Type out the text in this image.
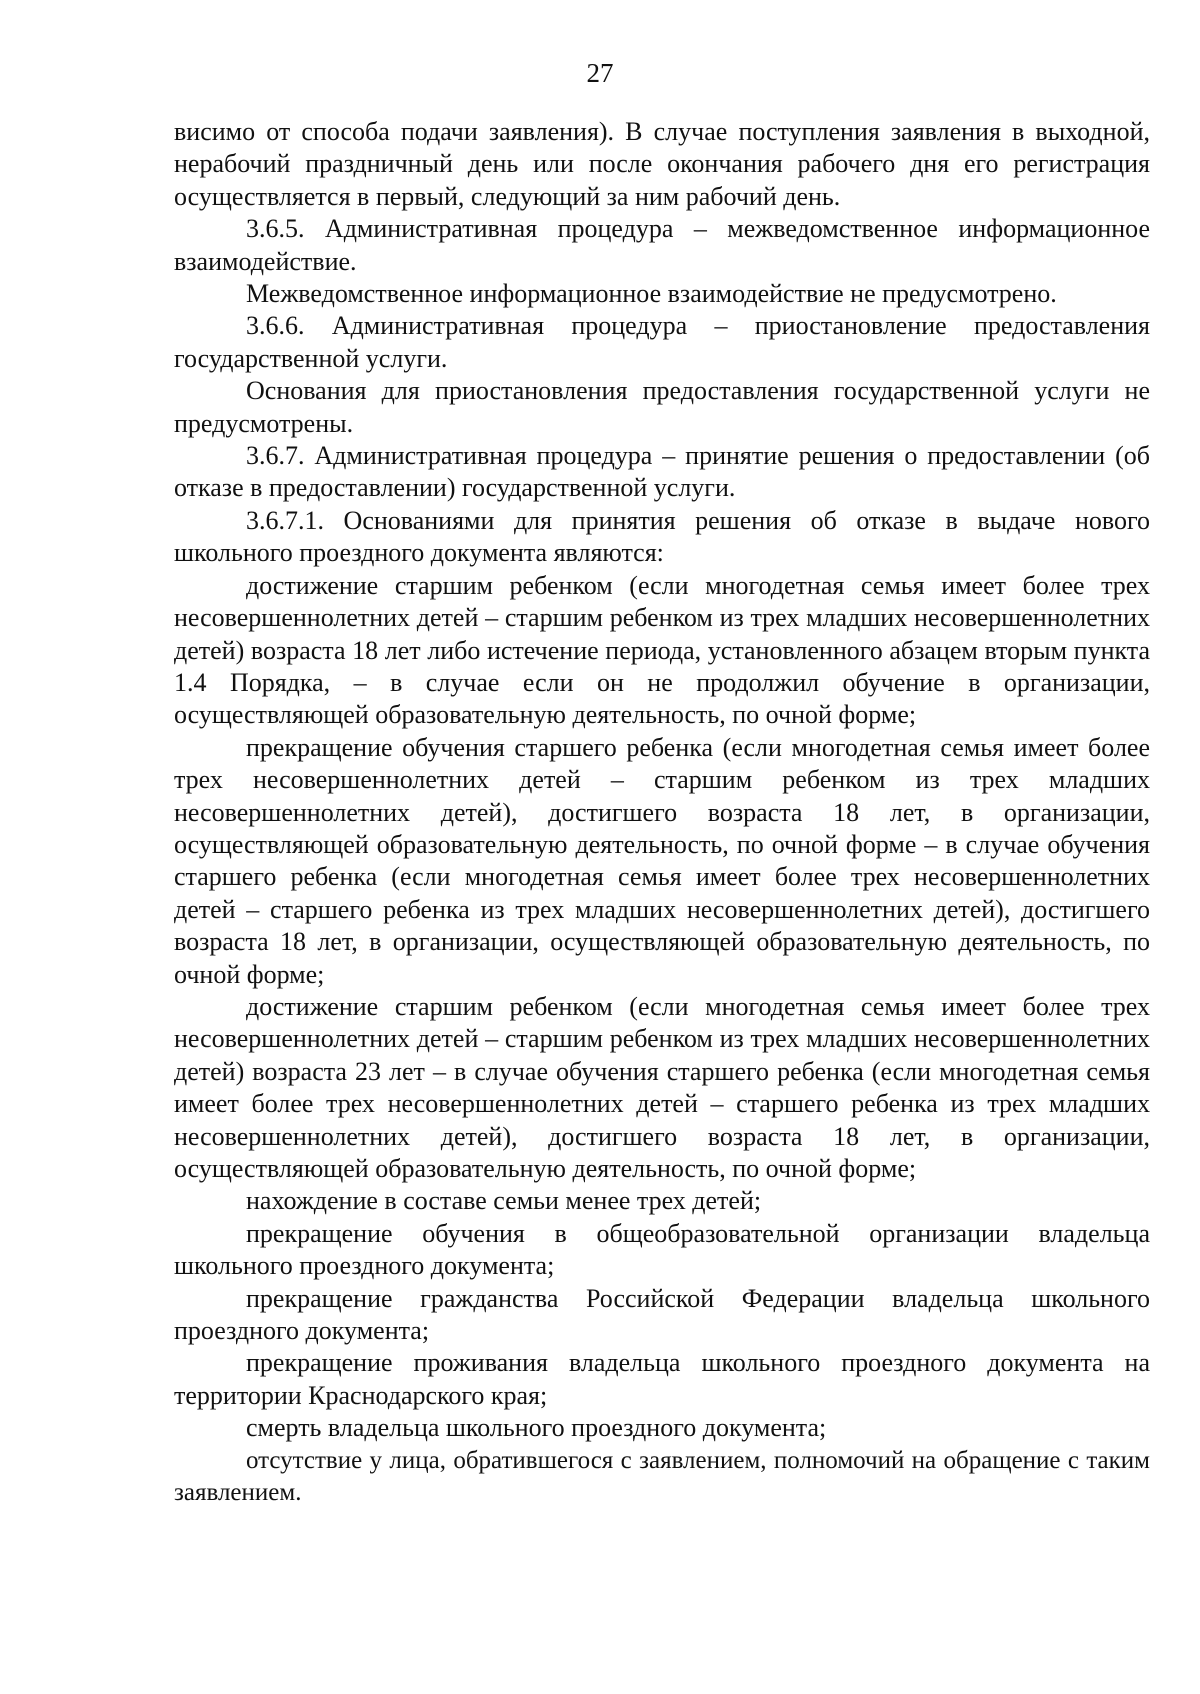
27

висимо от способа подачи заявления). В случае поступления заявления в выходной, нерабочий праздничный день или после окончания рабочего дня его регистрация осуществляется в первый, следующий за ним рабочий день.

3.6.5. Административная процедура – межведомственное информационное взаимодействие.

Межведомственное информационное взаимодействие не предусмотрено.

3.6.6. Административная процедура – приостановление предоставления государственной услуги.

Основания для приостановления предоставления государственной услуги не предусмотрены.

3.6.7. Административная процедура – принятие решения о предоставлении (об отказе в предоставлении) государственной услуги.

3.6.7.1. Основаниями для принятия решения об отказе в выдаче нового школьного проездного документа являются:

достижение старшим ребенком (если многодетная семья имеет более трех несовершеннолетних детей – старшим ребенком из трех младших несовершеннолетних детей) возраста 18 лет либо истечение периода, установленного абзацем вторым пункта 1.4 Порядка, – в случае если он не продолжил обучение в организации, осуществляющей образовательную деятельность, по очной форме;

прекращение обучения старшего ребенка (если многодетная семья имеет более трех несовершеннолетних детей – старшим ребенком из трех младших несовершеннолетних детей), достигшего возраста 18 лет, в организации, осуществляющей образовательную деятельность, по очной форме – в случае обучения старшего ребенка (если многодетная семья имеет более трех несовершеннолетних детей – старшего ребенка из трех младших несовершеннолетних детей), достигшего возраста 18 лет, в организации, осуществляющей образовательную деятельность, по очной форме;

достижение старшим ребенком (если многодетная семья имеет более трех несовершеннолетних детей – старшим ребенком из трех младших несовершеннолетних детей) возраста 23 лет – в случае обучения старшего ребенка (если многодетная семья имеет более трех несовершеннолетних детей – старшего ребенка из трех младших несовершеннолетних детей), достигшего возраста 18 лет, в организации, осуществляющей образовательную деятельность, по очной форме;

нахождение в составе семьи менее трех детей;

прекращение обучения в общеобразовательной организации владельца школьного проездного документа;

прекращение гражданства Российской Федерации владельца школьного проездного документа;

прекращение проживания владельца школьного проездного документа на территории Краснодарского края;

смерть владельца школьного проездного документа;

отсутствие у лица, обратившегося с заявлением, полномочий на обращение с таким заявлением.
